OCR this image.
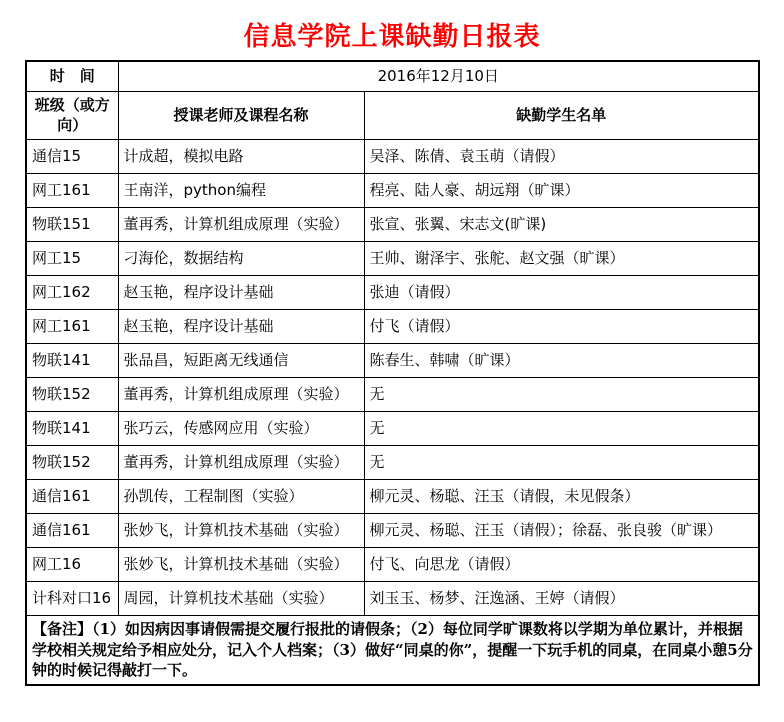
信息学院上课缺勤日报表
时　间	2016年12月10日	
班级（或方向）	授课老师及课程名称	缺勤学生名单
通信15	计成超，模拟电路	吴泽、陈倩、袁玉萌（请假）
网工161	王南洋，python编程	程亮、陆人豪、胡远翔（旷课）
物联151	董再秀，计算机组成原理（实验）	张宣、张翼、宋志文(旷课)
网工15	刁海伦，数据结构	王帅、谢泽宇、张舵、赵文强（旷课）
网工162	赵玉艳，程序设计基础	张迪（请假）
网工161	赵玉艳，程序设计基础	付飞（请假）
物联141	张品昌，短距离无线通信	陈春生、韩啸（旷课）
物联152	董再秀，计算机组成原理（实验）	无
物联141	张巧云，传感网应用（实验）	无
物联152	董再秀，计算机组成原理（实验）	无
通信161	孙凯传，工程制图（实验）	柳元灵、杨聪、汪玉（请假，未见假条）
通信161	张妙飞，计算机技术基础（实验）	柳元灵、杨聪、汪玉（请假）；徐磊、张良骏（旷课）
网工16	张妙飞，计算机技术基础（实验）	付飞、向思龙（请假）
计科对口16	周园，计算机技术基础（实验）	刘玉玉、杨梦、汪逸涵、王婷（请假）
【备注】（1）如因病因事请假需提交履行报批的请假条；（2）每位同学旷课数将以学期为单位累计，并根据学校相关规定给予相应处分，记入个人档案；（3）做好“同桌的你”，提醒一下玩手机的同桌，在同桌小憩5分钟的时候记得敲打一下。		
